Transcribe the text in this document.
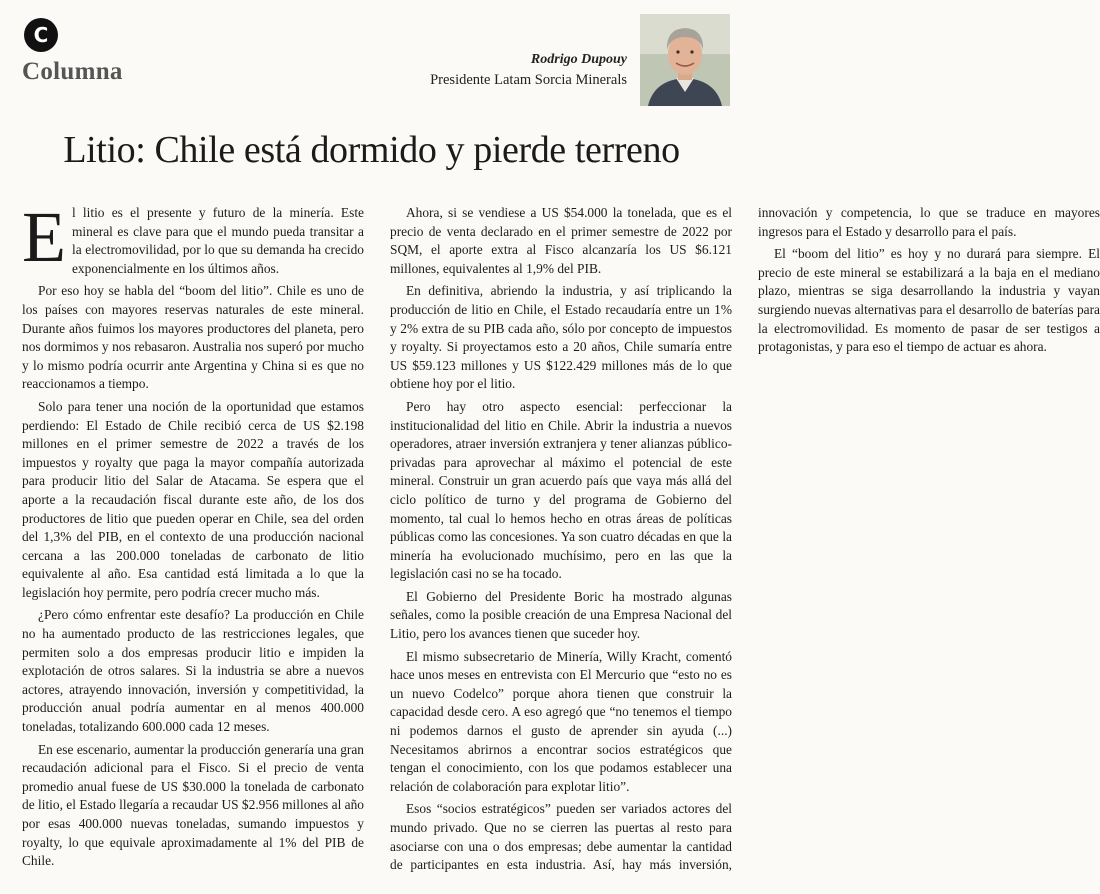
C
Columna	Rodrigo Dupouy
Presidente Latam Sorcia Minerals
Litio: Chile está dormido y pierde terreno

El litio es el presente y futuro de la minería. Este mineral es clave para que el mundo pueda transitar a la electromovilidad, por lo que su demanda ha crecido exponencialmente en los últimos años.

Por eso hoy se habla del “boom del litio”. Chile es uno de los países con mayores reservas naturales de este mineral. Durante años fuimos los mayores productores del planeta, pero nos dormimos y nos rebasaron. Australia nos superó por mucho y lo mismo podría ocurrir ante Argentina y China si es que no reaccionamos a tiempo.

Solo para tener una noción de la oportunidad que estamos perdiendo: El Estado de Chile recibió cerca de US $2.198 millones en el primer semestre de 2022 a través de los impuestos y royalty que paga la mayor compañía autorizada para producir litio del Salar de Atacama. Se espera que el aporte a la recaudación fiscal durante este año, de los dos productores de litio que pueden operar en Chile, sea del orden del 1,3% del PIB, en el contexto de una producción nacional cercana a las 200.000 toneladas de carbonato de litio equivalente al año. Esa cantidad está limitada a lo que la legislación hoy permite, pero podría crecer mucho más.

¿Pero cómo enfrentar este desafío? La producción en Chile no ha aumentado producto de las restricciones legales, que permiten solo a dos empresas producir litio e impiden la explotación de otros salares. Si la industria se abre a nuevos actores, atrayendo innovación, inversión y competitividad, la producción anual podría aumentar en al menos 400.000 toneladas, totalizando 600.000 cada 12 meses.

En ese escenario, aumentar la producción generaría una gran recaudación adicional para el Fisco. Si el precio de venta promedio anual fuese de US $30.000 la tonelada de carbonato de litio, el Estado llegaría a recaudar US $2.956 millones al año por esas 400.000 nuevas toneladas, sumando impuestos y royalty, lo que equivale aproximadamente al 1% del PIB de Chile.

Ahora, si se vendiese a US $54.000 la tonelada, que es el precio de venta declarado en el primer semestre de 2022 por SQM, el aporte extra al Fisco alcanzaría los US $6.121 millones, equivalentes al 1,9% del PIB.

En definitiva, abriendo la industria, y así triplicando la producción de litio en Chile, el Estado recaudaría entre un 1% y 2% extra de su PIB cada año, sólo por concepto de impuestos y royalty. Si proyectamos esto a 20 años, Chile sumaría entre US $59.123 millones y US $122.429 millones más de lo que obtiene hoy por el litio.

Pero hay otro aspecto esencial: perfeccionar la institucionalidad del litio en Chile. Abrir la industria a nuevos operadores, atraer inversión extranjera y tener alianzas público-privadas para aprovechar al máximo el potencial de este mineral. Construir un gran acuerdo país que vaya más allá del ciclo político de turno y del programa de Gobierno del momento, tal cual lo hemos hecho en otras áreas de políticas públicas como las concesiones. Ya son cuatro décadas en que la minería ha evolucionado muchísimo, pero en las que la legislación casi no se ha tocado.

El Gobierno del Presidente Boric ha mostrado algunas señales, como la posible creación de una Empresa Nacional del Litio, pero los avances tienen que suceder hoy.

El mismo subsecretario de Minería, Willy Kracht, comentó hace unos meses en entrevista con El Mercurio que “esto no es un nuevo Codelco” porque ahora tienen que construir la capacidad desde cero. A eso agregó que “no tenemos el tiempo ni podemos darnos el gusto de aprender sin ayuda (...) Necesitamos abrirnos a encontrar socios estratégicos que tengan el conocimiento, con los que podamos establecer una relación de colaboración para explotar litio”.

Esos “socios estratégicos” pueden ser variados actores del mundo privado. Que no se cierren las puertas al resto para asociarse con una o dos empresas; debe aumentar la cantidad de participantes en esta industria. Así, hay más inversión, innovación y competencia, lo que se traduce en mayores ingresos para el Estado y desarrollo para el país.

El “boom del litio” es hoy y no durará para siempre. El precio de este mineral se estabilizará a la baja en el mediano plazo, mientras se siga desarrollando la industria y vayan surgiendo nuevas alternativas para el desarrollo de baterías para la electromovilidad. Es momento de pasar de ser testigos a protagonistas, y para eso el tiempo de actuar es ahora.
